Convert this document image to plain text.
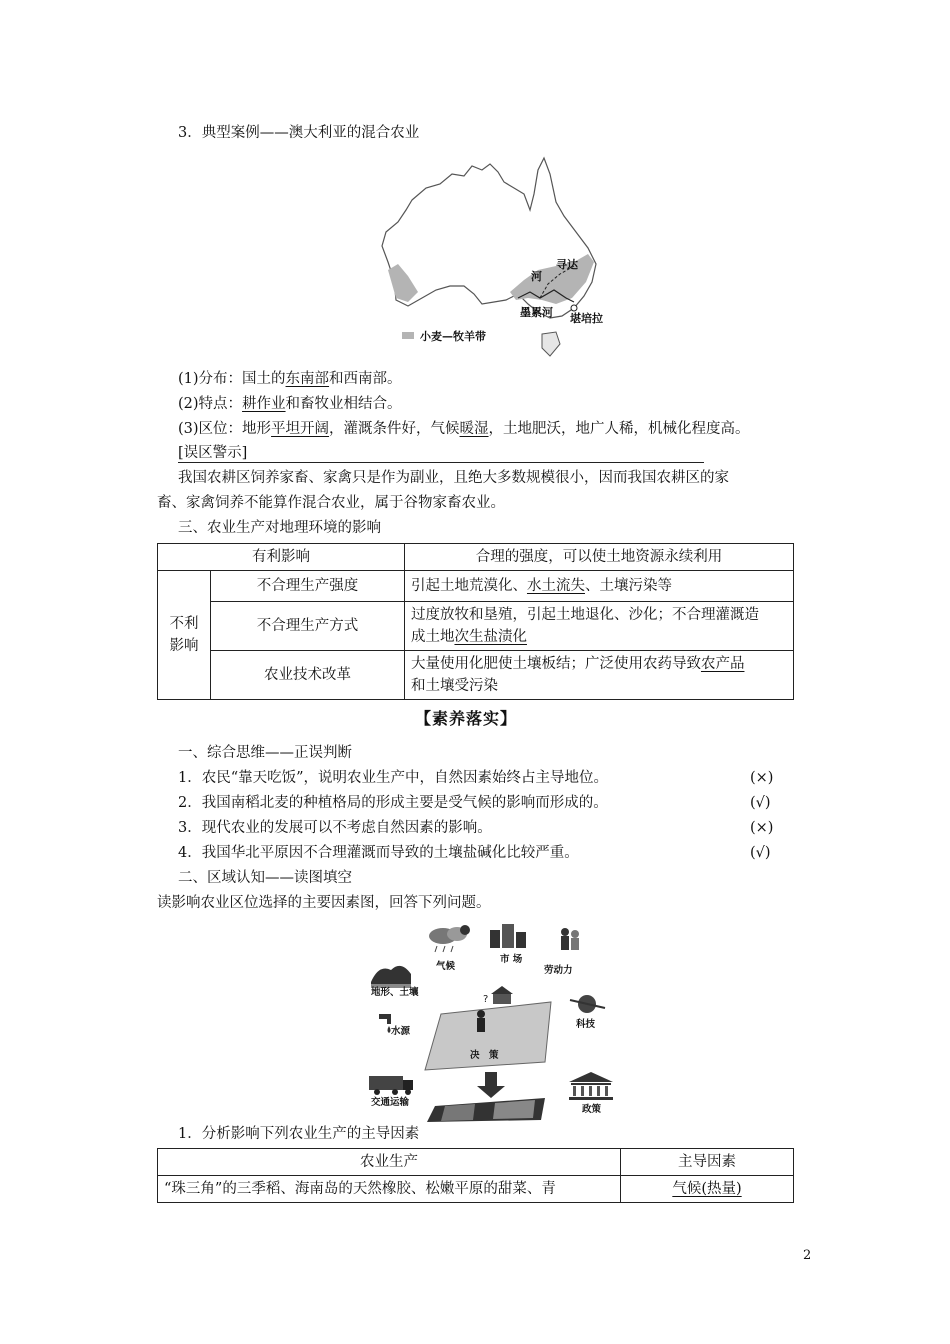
3．典型案例——澳大利亚的混合农业
河
寻达
墨累河 堪培拉
小麦—牧羊带
(1)分布：国土的东南部和西南部。
(2)特点：耕作业和畜牧业相结合。
(3)区位：地形平坦开阔，灌溉条件好，气候暖湿，土地肥沃，地广人稀，机械化程度高。
[误区警示]
我国农耕区饲养家畜、家禽只是作为副业，且绝大多数规模很小，因而我国农耕区的家
畜、家禽饲养不能算作混合农业，属于谷物家畜农业。
三、农业生产对地理环境的影响
有利影响		合理的强度，可以使土地资源永续利用
不利
影响	不合理生产强度	引起土地荒漠化、水土流失、土壤污染等
	不合理生产方式	过度放牧和垦殖，引起土地退化、沙化；不合理灌溉造
成土地次生盐渍化
	农业技术改革	大量使用化肥使土壤板结；广泛使用农药导致农产品
和土壤受污染
【素养落实】
一、综合思维——正误判断
1．农民“靠天吃饭”，说明农业生产中，自然因素始终占主导地位。	(×)
2．我国南稻北麦的种植格局的形成主要是受气候的影响而形成的。	(√)
3．现代农业的发展可以不考虑自然因素的影响。	(×)
4．我国华北平原因不合理灌溉而导致的土壤盐碱化比较严重。	(√)
二、区域认知——读图填空
读影响农业区位选择的主要因素图，回答下列问题。
?
气候
市 场
劳动力
地形、土壤
科技
水源
决　策
交通运输
政策
1．分析影响下列农业生产的主导因素
农业生产	主导因素
“珠三角”的三季稻、海南岛的天然橡胶、松嫩平原的甜菜、青	气候(热量)
2
